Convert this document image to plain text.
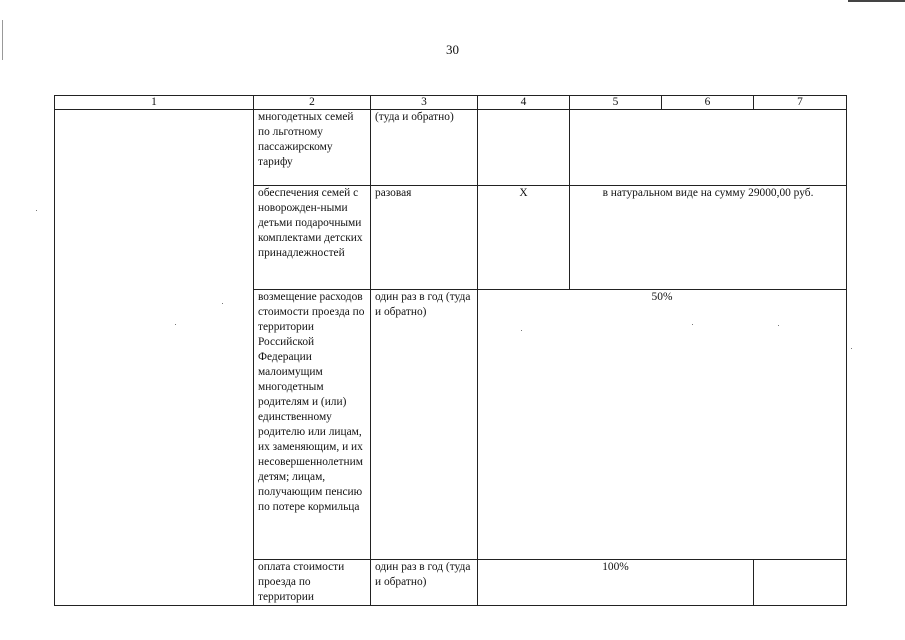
30
1	2	3	4	5	6	7
	многодетных семей по льготному пассажирскому тарифу	(туда и обратно)				
	обеспечения семей с новорожден-ными детьми подарочными комплектами детских принадлежностей	разовая	Х	в натуральном виде на сумму 29000,00 руб.		
	возмещение расходов стоимости проезда по территории Российской Федерации малоимущим многодетным родителям и (или) единственному родителю или лицам, их заменяющим, и их несовершеннолетним детям; лицам, получающим пенсию по потере кормильца	один раз в год (туда и обратно)	50%			
	оплата стоимости проезда по территории	один раз в год (туда и обратно)	100%			
